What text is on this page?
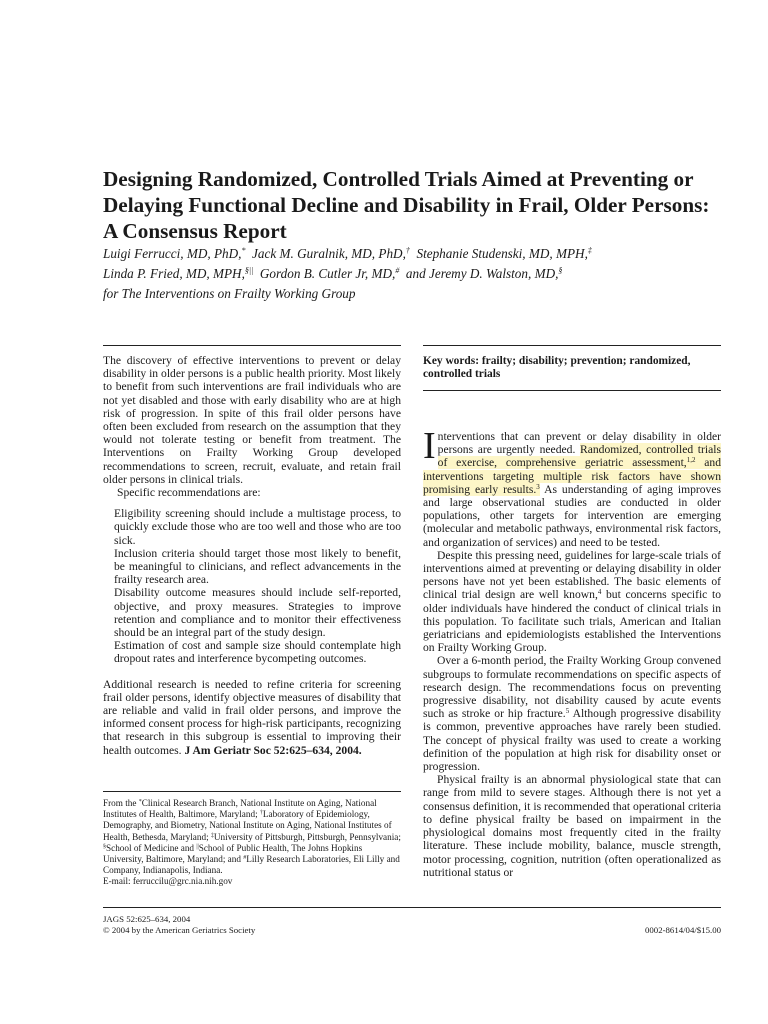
Designing Randomized, Controlled Trials Aimed at Preventing or
Delaying Functional Decline and Disability in Frail, Older Persons:
A Consensus Report
Luigi Ferrucci, MD, PhD,* Jack M. Guralnik, MD, PhD,† Stephanie Studenski, MD, MPH,‡
Linda P. Fried, MD, MPH,§|| Gordon B. Cutler Jr, MD,# and Jeremy D. Walston, MD,§
for The Interventions on Frailty Working Group

The discovery of effective interventions to prevent or delay disability in older persons is a public health priority. Most likely to benefit from such interventions are frail individuals who are not yet disabled and those with early disability who are at high risk of progression. In spite of this frail older persons have often been excluded from research on the assumption that they would not tolerate testing or benefit from treatment. The Interventions on Frailty Working Group developed recommendations to screen, recruit, evaluate, and retain frail older persons in clinical trials.

Specific recommendations are:

Eligibility screening should include a multistage process, to quickly exclude those who are too well and those who are too sick.

Inclusion criteria should target those most likely to benefit, be meaningful to clinicians, and reflect advancements in the frailty research area.

Disability outcome measures should include self-reported, objective, and proxy measures. Strategies to improve retention and compliance and to monitor their effectiveness should be an integral part of the study design.

Estimation of cost and sample size should contemplate high dropout rates and interference bycompeting outcomes.

Additional research is needed to refine criteria for screening frail older persons, identify objective measures of disability that are reliable and valid in frail older persons, and improve the informed consent process for high-risk participants, recognizing that research in this subgroup is essential to improving their health outcomes. J Am Geriatr Soc 52:625–634, 2004.

From the *Clinical Research Branch, National Institute on Aging, National Institutes of Health, Baltimore, Maryland; †Laboratory of Epidemiology, Demography, and Biometry, National Institute on Aging, National Institutes of Health, Bethesda, Maryland; ‡University of Pittsburgh, Pittsburgh, Pennsylvania; §School of Medicine and ||School of Public Health, The Johns Hopkins University, Baltimore, Maryland; and #Lilly Research Laboratories, Eli Lilly and Company, Indianapolis, Indiana.
E-mail: ferruccilu@grc.nia.nih.gov
Key words: frailty; disability; prevention; randomized,
controlled trials

Interventions that can prevent or delay disability in older persons are urgently needed. Randomized, controlled trials of exercise, comprehensive geriatric assessment,$^{1,2}$ and interventions targeting multiple risk factors have shown promising early results.$^3$ As understanding of aging improves and large observational studies are conducted in older populations, other targets for intervention are emerging (molecular and metabolic pathways, environmental risk factors, and organization of services) and need to be tested.

Despite this pressing need, guidelines for large-scale trials of interventions aimed at preventing or delaying disability in older persons have not yet been established. The basic elements of clinical trial design are well known,$^4$ but concerns specific to older individuals have hindered the conduct of clinical trials in this population. To facilitate such trials, American and Italian geriatricians and epidemiologists established the Interventions on Frailty Working Group.

Over a 6-month period, the Frailty Working Group convened subgroups to formulate recommendations on specific aspects of research design. The recommendations focus on preventing progressive disability, not disability caused by acute events such as stroke or hip fracture.$^5$ Although progressive disability is common, preventive approaches have rarely been studied. The concept of physical frailty was used to create a working definition of the population at high risk for disability onset or progression.

Physical frailty is an abnormal physiological state that can range from mild to severe stages. Although there is not yet a consensus definition, it is recommended that operational criteria to define physical frailty be based on impairment in the physiological domains most frequently cited in the frailty literature. These include mobility, balance, muscle strength, motor processing, cognition, nutrition (often operationalized as nutritional status or

JAGS 52:625–634, 2004
© 2004 by the American Geriatrics Society	0002-8614/04/$15.00
